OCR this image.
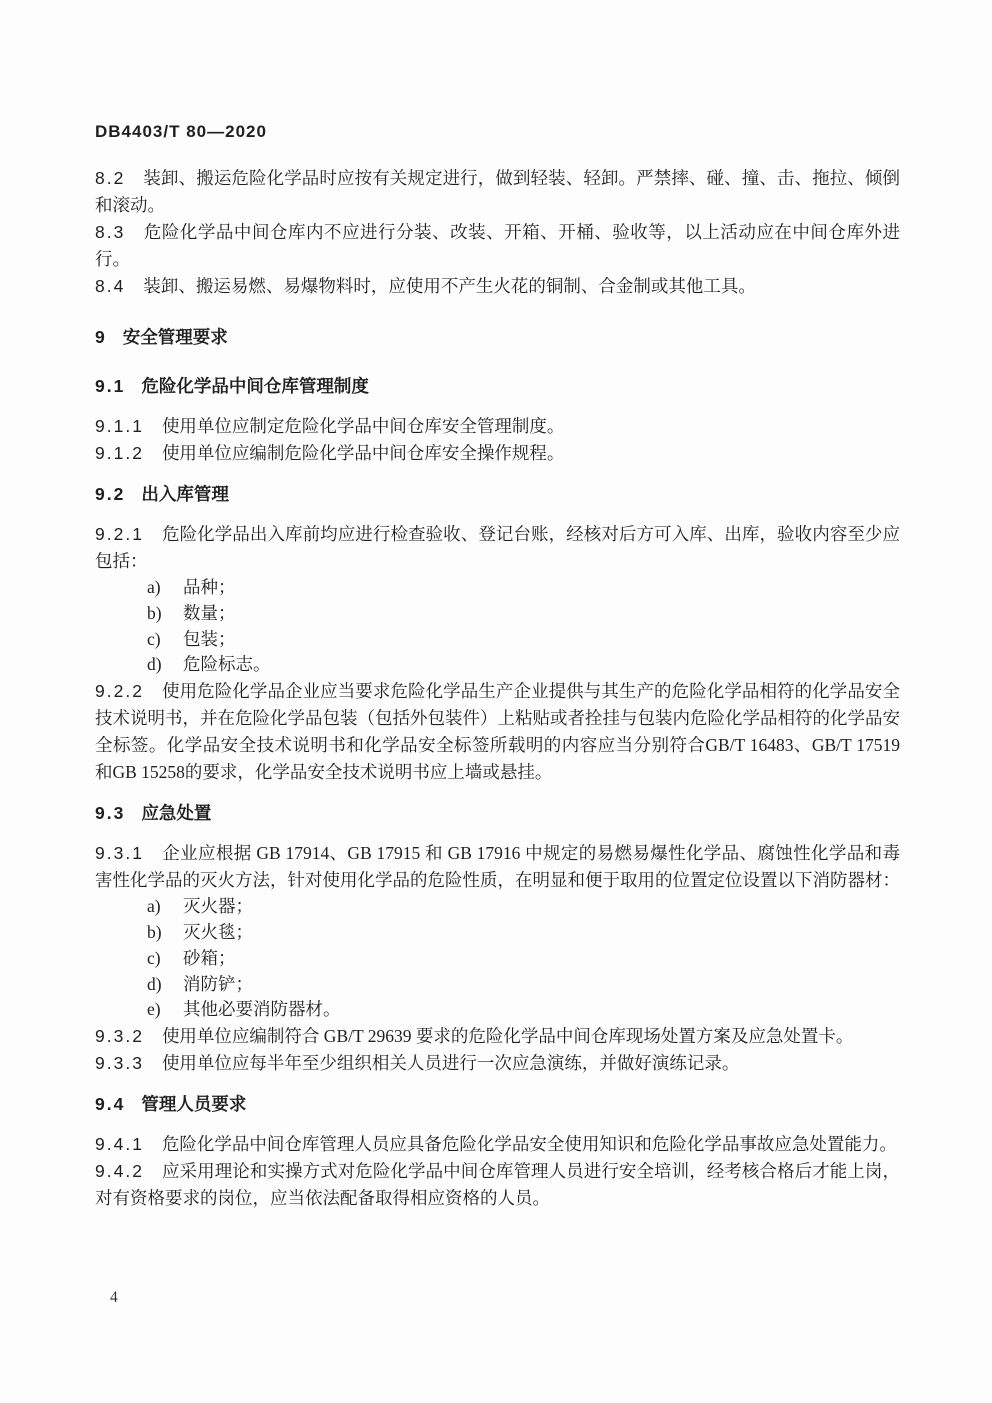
DB4403/T 80—2020

8.2 装卸、搬运危险化学品时应按有关规定进行，做到轻装、轻卸。严禁摔、碰、撞、击、拖拉、倾倒和滚动。

8.3 危险化学品中间仓库内不应进行分装、改装、开箱、开桶、验收等，以上活动应在中间仓库外进行。

8.4 装卸、搬运易燃、易爆物料时，应使用不产生火花的铜制、合金制或其他工具。

9 安全管理要求
9.1 危险化学品中间仓库管理制度

9.1.1 使用单位应制定危险化学品中间仓库安全管理制度。

9.1.2 使用单位应编制危险化学品中间仓库安全操作规程。

9.2 出入库管理

9.2.1 危险化学品出入库前均应进行检查验收、登记台账，经核对后方可入库、出库，验收内容至少应包括：

a)	品种；
b)	数量；
c)	包装；
d)	危险标志。

9.2.2 使用危险化学品企业应当要求危险化学品生产企业提供与其生产的危险化学品相符的化学品安全技术说明书，并在危险化学品包装（包括外包装件）上粘贴或者拴挂与包装内危险化学品相符的化学品安全标签。化学品安全技术说明书和化学品安全标签所载明的内容应当分别符合GB/T 16483、GB/T 17519和GB 15258的要求，化学品安全技术说明书应上墙或悬挂。

9.3 应急处置

9.3.1 企业应根据 GB 17914、GB 17915 和 GB 17916 中规定的易燃易爆性化学品、腐蚀性化学品和毒害性化学品的灭火方法，针对使用化学品的危险性质，在明显和便于取用的位置定位设置以下消防器材：

a)	灭火器；
b)	灭火毯；
c)	砂箱；
d)	消防铲；
e)	其他必要消防器材。

9.3.2 使用单位应编制符合 GB/T 29639 要求的危险化学品中间仓库现场处置方案及应急处置卡。

9.3.3 使用单位应每半年至少组织相关人员进行一次应急演练，并做好演练记录。

9.4 管理人员要求

9.4.1 危险化学品中间仓库管理人员应具备危险化学品安全使用知识和危险化学品事故应急处置能力。

9.4.2 应采用理论和实操方式对危险化学品中间仓库管理人员进行安全培训，经考核合格后才能上岗，对有资格要求的岗位，应当依法配备取得相应资格的人员。

4
